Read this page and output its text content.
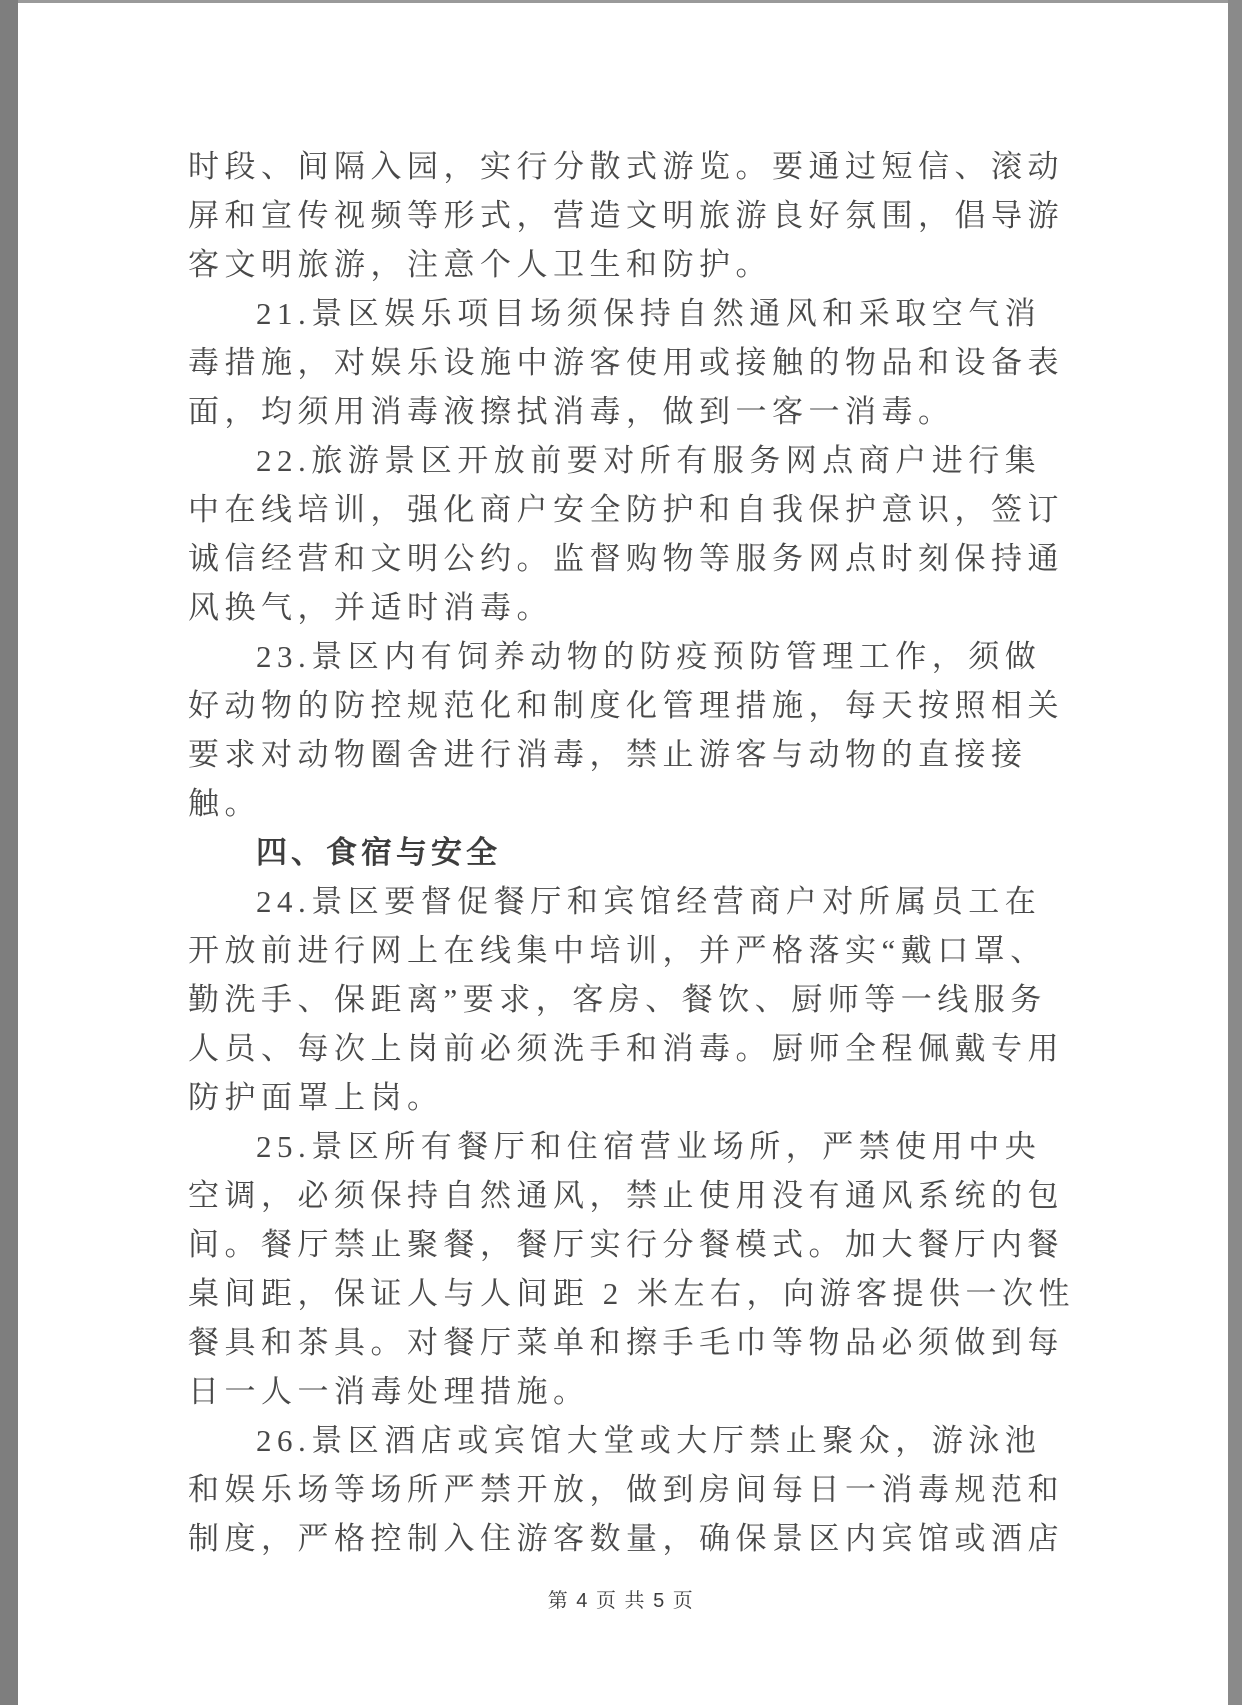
时段、间隔入园，实行分散式游览。要通过短信、滚动
屏和宣传视频等形式，营造文明旅游良好氛围，倡导游
客文明旅游，注意个人卫生和防护。
21.景区娱乐项目场须保持自然通风和采取空气消
毒措施，对娱乐设施中游客使用或接触的物品和设备表
面，均须用消毒液擦拭消毒，做到一客一消毒。
22.旅游景区开放前要对所有服务网点商户进行集
中在线培训，强化商户安全防护和自我保护意识，签订
诚信经营和文明公约。监督购物等服务网点时刻保持通
风换气，并适时消毒。
23.景区内有饲养动物的防疫预防管理工作，须做
好动物的防控规范化和制度化管理措施，每天按照相关
要求对动物圈舍进行消毒，禁止游客与动物的直接接
触。
四、食宿与安全
24.景区要督促餐厅和宾馆经营商户对所属员工在
开放前进行网上在线集中培训，并严格落实“戴口罩、
勤洗手、保距离”要求，客房、餐饮、厨师等一线服务
人员、每次上岗前必须洗手和消毒。厨师全程佩戴专用
防护面罩上岗。
25.景区所有餐厅和住宿营业场所，严禁使用中央
空调，必须保持自然通风，禁止使用没有通风系统的包
间。餐厅禁止聚餐，餐厅实行分餐模式。加大餐厅内餐
桌间距，保证人与人间距 2 米左右，向游客提供一次性
餐具和茶具。对餐厅菜单和擦手毛巾等物品必须做到每
日一人一消毒处理措施。
26.景区酒店或宾馆大堂或大厅禁止聚众，游泳池
和娱乐场等场所严禁开放，做到房间每日一消毒规范和
制度，严格控制入住游客数量，确保景区内宾馆或酒店
第 4 页 共 5 页
